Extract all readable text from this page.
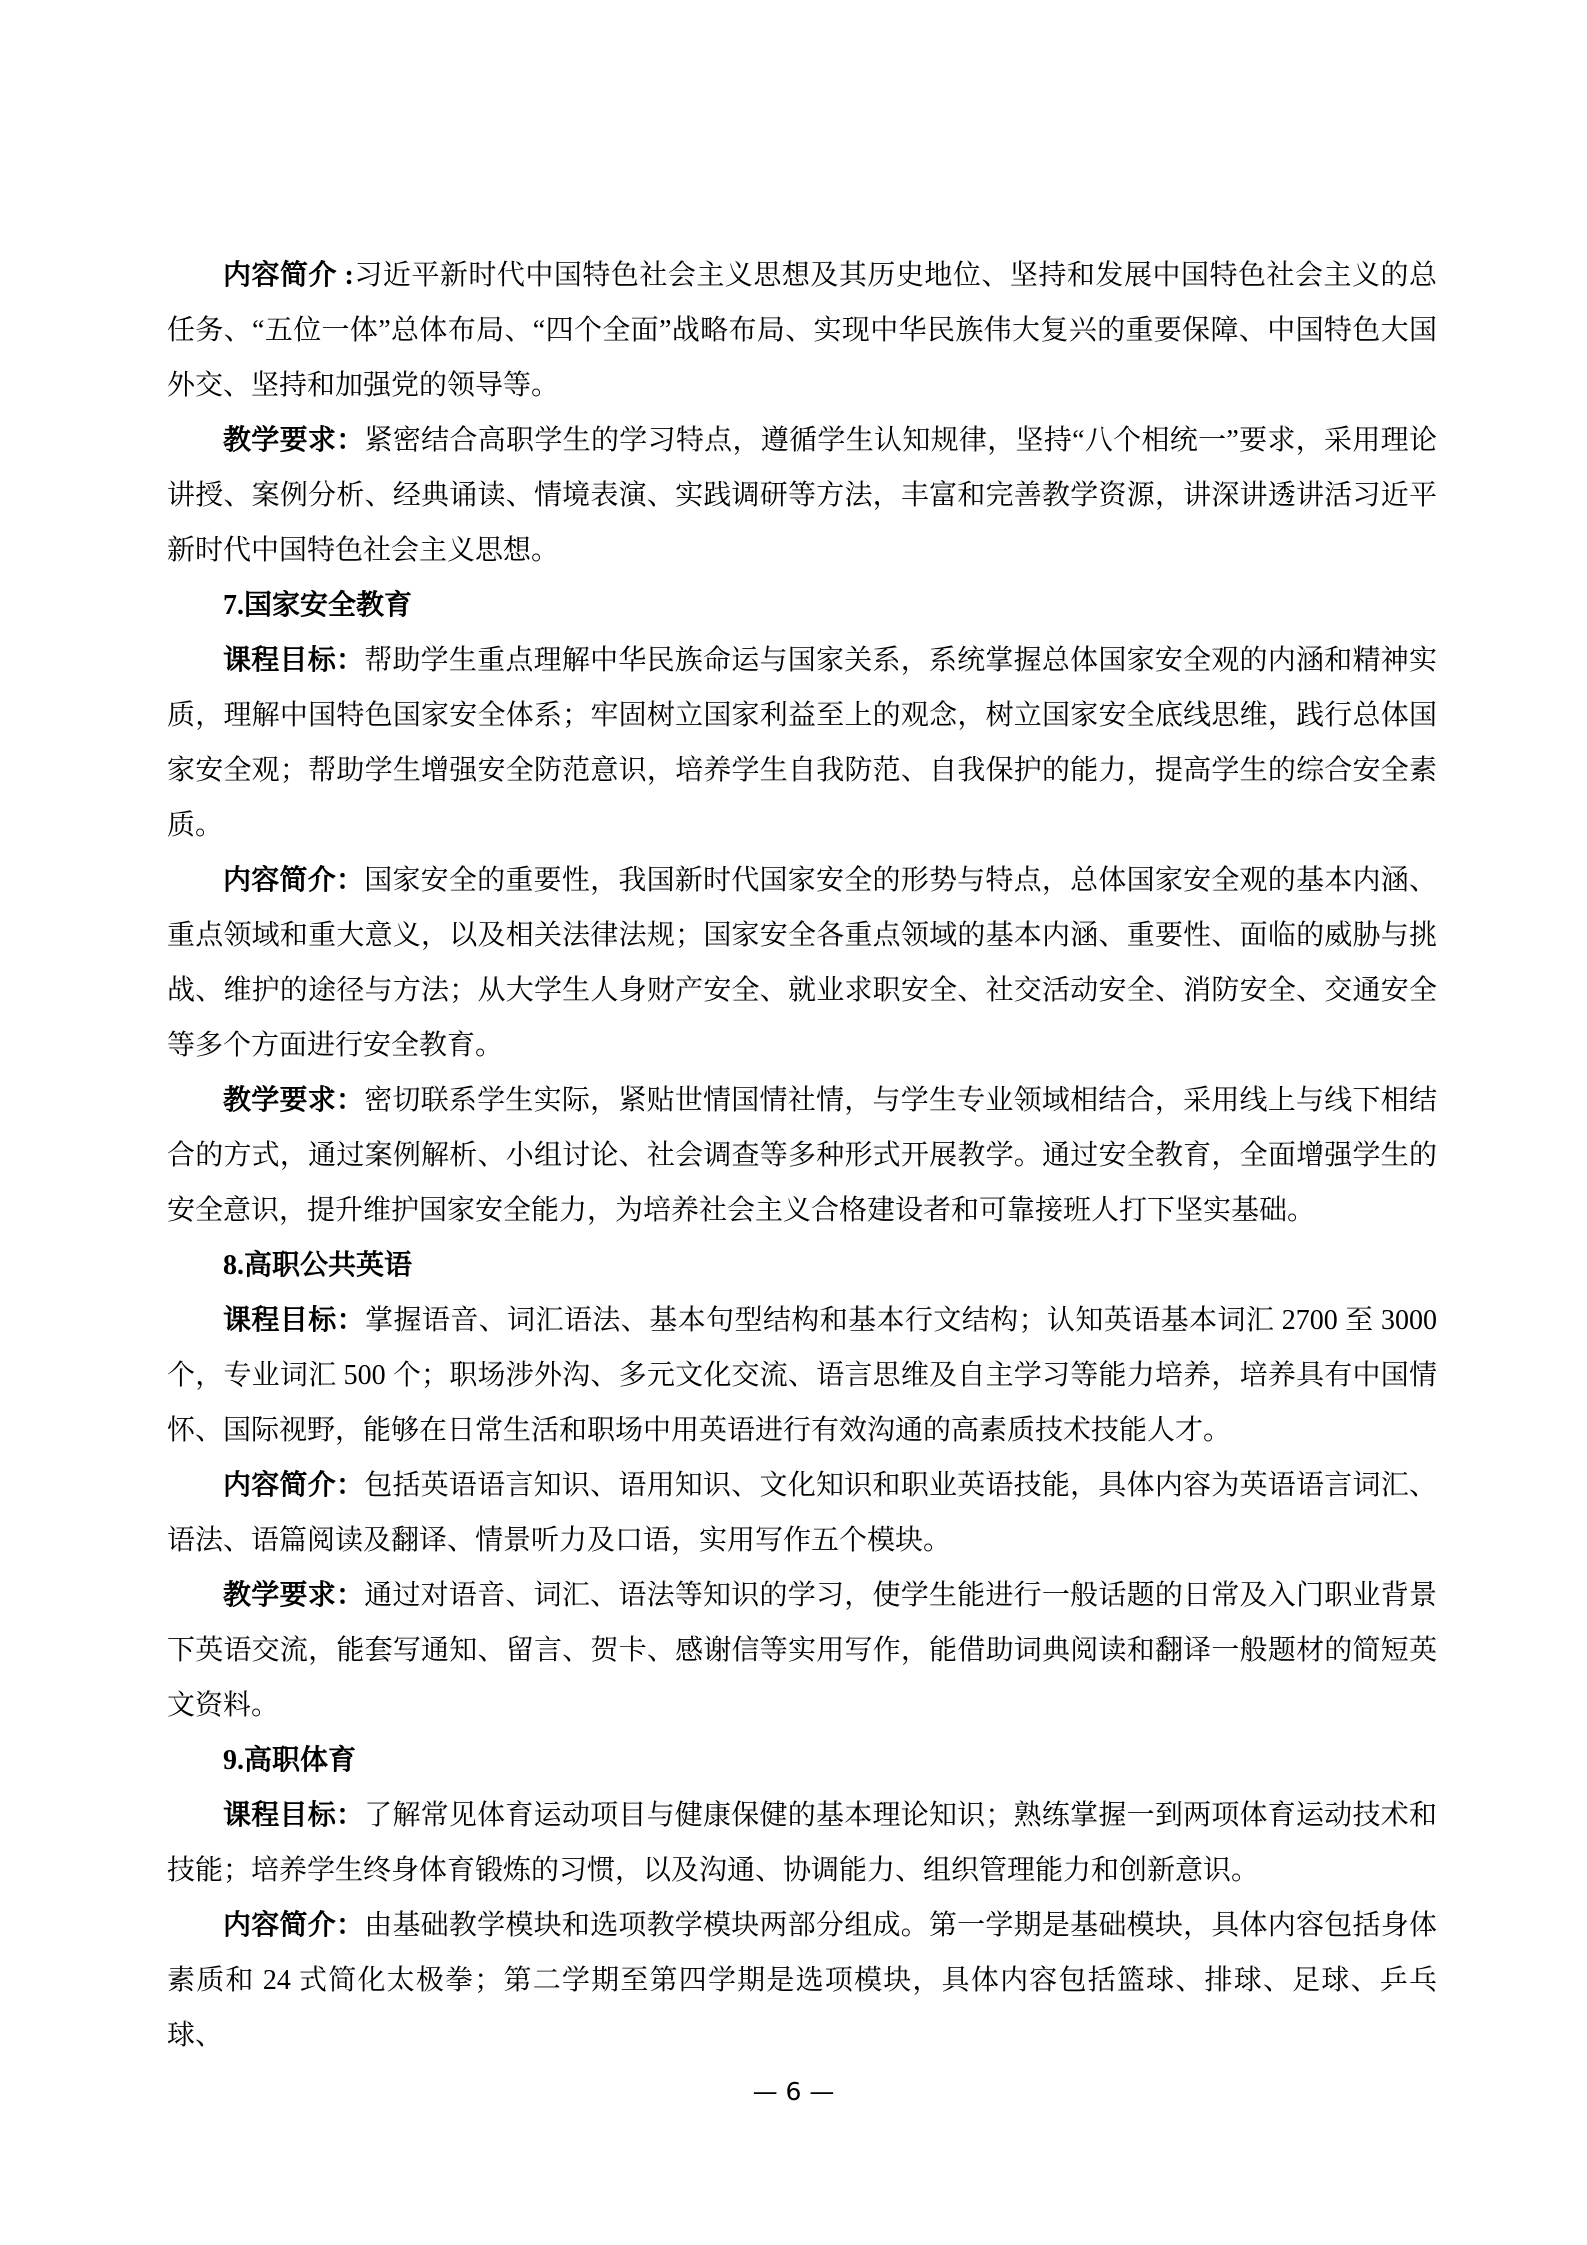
内容简介 :习近平新时代中国特色社会主义思想及其历史地位、坚持和发展中国特色社会主义的总任务、“五位一体”总体布局、“四个全面”战略布局、实现中华民族伟大复兴的重要保障、中国特色大国外交、坚持和加强党的领导等。

教学要求：紧密结合高职学生的学习特点，遵循学生认知规律，坚持“八个相统一”要求，采用理论讲授、案例分析、经典诵读、情境表演、实践调研等方法，丰富和完善教学资源，讲深讲透讲活习近平新时代中国特色社会主义思想。

7.国家安全教育

课程目标：帮助学生重点理解中华民族命运与国家关系，系统掌握总体国家安全观的内涵和精神实质，理解中国特色国家安全体系；牢固树立国家利益至上的观念，树立国家安全底线思维，践行总体国家安全观；帮助学生增强安全防范意识，培养学生自我防范、自我保护的能力，提高学生的综合安全素质。

内容简介：国家安全的重要性，我国新时代国家安全的形势与特点，总体国家安全观的基本内涵、重点领域和重大意义，以及相关法律法规；国家安全各重点领域的基本内涵、重要性、面临的威胁与挑战、维护的途径与方法；从大学生人身财产安全、就业求职安全、社交活动安全、消防安全、交通安全等多个方面进行安全教育。

教学要求：密切联系学生实际，紧贴世情国情社情，与学生专业领域相结合，采用线上与线下相结合的方式，通过案例解析、小组讨论、社会调查等多种形式开展教学。通过安全教育，全面增强学生的安全意识，提升维护国家安全能力，为培养社会主义合格建设者和可靠接班人打下坚实基础。

8.高职公共英语

课程目标：掌握语音、词汇语法、基本句型结构和基本行文结构；认知英语基本词汇 2700 至 3000 个，专业词汇 500 个；职场涉外沟、多元文化交流、语言思维及自主学习等能力培养，培养具有中国情怀、国际视野，能够在日常生活和职场中用英语进行有效沟通的高素质技术技能人才。

内容简介：包括英语语言知识、语用知识、文化知识和职业英语技能，具体内容为英语语言词汇、语法、语篇阅读及翻译、情景听力及口语，实用写作五个模块。

教学要求：通过对语音、词汇、语法等知识的学习，使学生能进行一般话题的日常及入门职业背景下英语交流，能套写通知、留言、贺卡、感谢信等实用写作，能借助词典阅读和翻译一般题材的简短英文资料。

9.高职体育

课程目标：了解常见体育运动项目与健康保健的基本理论知识；熟练掌握一到两项体育运动技术和技能；培养学生终身体育锻炼的习惯，以及沟通、协调能力、组织管理能力和创新意识。

内容简介：由基础教学模块和选项教学模块两部分组成。第一学期是基础模块，具体内容包括身体素质和 24 式简化太极拳；第二学期至第四学期是选项模块，具体内容包括篮球、排球、足球、乒乓球、

— 6 —
